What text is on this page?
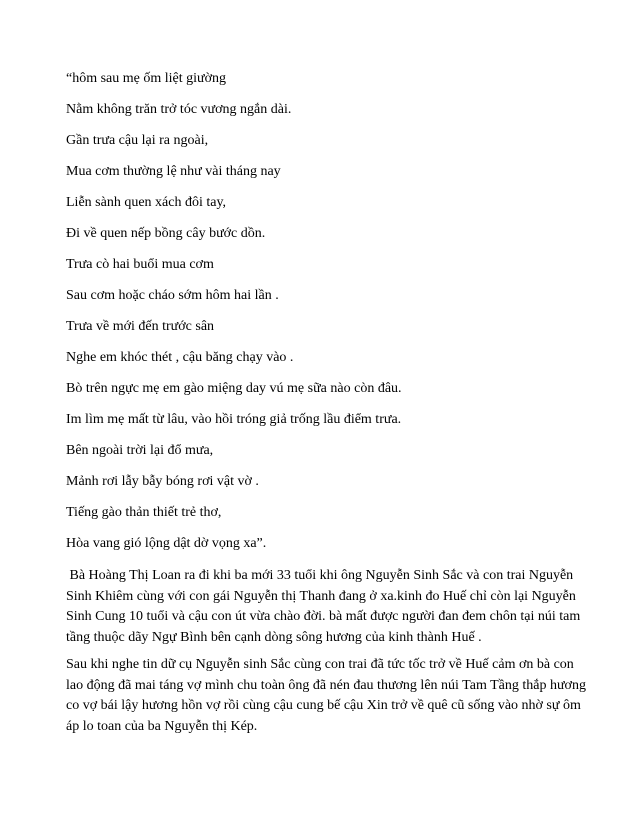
“hôm sau mẹ ốm liệt giường

Nằm không trăn trở tóc vương ngắn dài.

Gần trưa cậu lại ra ngoài,

Mua cơm thường lệ như vài tháng nay

Liễn sành quen xách đôi tay,

Đi về quen nếp bồng cây bước dồn.

Trưa cò hai buổi mua cơm

Sau cơm hoặc cháo sớm hôm hai lần .

Trưa về mới đến trước sân

Nghe em khóc thét , cậu băng chạy vào .

Bò trên ngực mẹ em gào miệng day vú mẹ sữa nào còn đâu.

Im lìm mẹ mất từ lâu, vào hồi tróng giả trống lầu điểm trưa.

Bên ngoài trời lại đổ mưa,

Mảnh rơi lẫy bẫy bóng rơi vật vờ .

Tiếng gào thản thiết trẻ thơ,

Hòa vang gió lộng dật dờ vọng xa”.

Bà Hoàng Thị Loan ra đi khi ba mới 33 tuổi khi ông Nguyễn Sinh Sắc và con trai Nguyễn Sinh Khiêm cùng với con gái Nguyễn thị Thanh đang ở xa.kinh đo Huế chỉ còn lại Nguyễn Sinh Cung 10 tuổi và cậu con út vừa chào đời. bà mất được người đan đem chôn tại núi tam tầng thuộc dãy Ngự Bình bên cạnh dòng sông hương của kinh thành Huế .

Sau khi nghe tin dữ cụ Nguyễn sinh Sắc cùng con trai đã tức tốc trở về Huế cảm ơn bà con lao động đã mai táng vợ mình chu toàn ông đã nén đau thương lên núi Tam Tầng thắp hương co vợ bái lậy hương hồn vợ rồi cùng cậu cung bế cậu Xin trở về quê cũ sống vào nhờ sự ôm áp lo toan của ba Nguyễn thị Kép.
